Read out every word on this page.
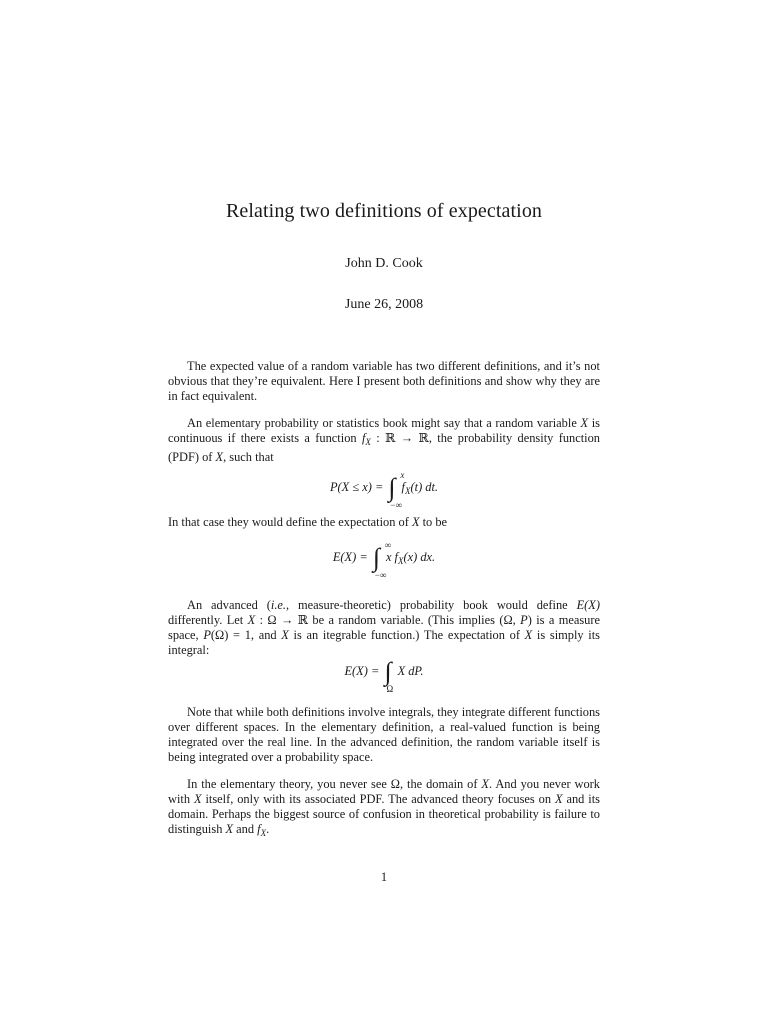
Relating two definitions of expectation
John D. Cook
June 26, 2008

The expected value of a random variable has two different definitions, and it’s not obvious that they’re equivalent. Here I present both definitions and show why they are in fact equivalent.

An elementary probability or statistics book might say that a random variable X is continuous if there exists a function $f_X$ : ℝ → ℝ, the probability density function (PDF) of X, such that

P(X ≤ x) = ∫ x
−∞
$f_X(t)$ dt.

In that case they would define the expectation of X to be

E(X) = ∫ ∞
−∞
x $f_X(x)$ dx.

An advanced (i.e., measure-theoretic) probability book would define E(X) differently. Let X : Ω → ℝ be a random variable. (This implies (Ω, P) is a measure space, P(Ω) = 1, and X is an itegrable function.) The expectation of X is simply its integral:

E(X) = ∫
Ω
X dP.

Note that while both definitions involve integrals, they integrate different functions over different spaces. In the elementary definition, a real-valued function is being integrated over the real line. In the advanced definition, the random variable itself is being integrated over a probability space.

In the elementary theory, you never see Ω, the domain of X. And you never work with X itself, only with its associated PDF. The advanced theory focuses on X and its domain. Perhaps the biggest source of confusion in theoretical probability is failure to distinguish X and $f_X$.

1
